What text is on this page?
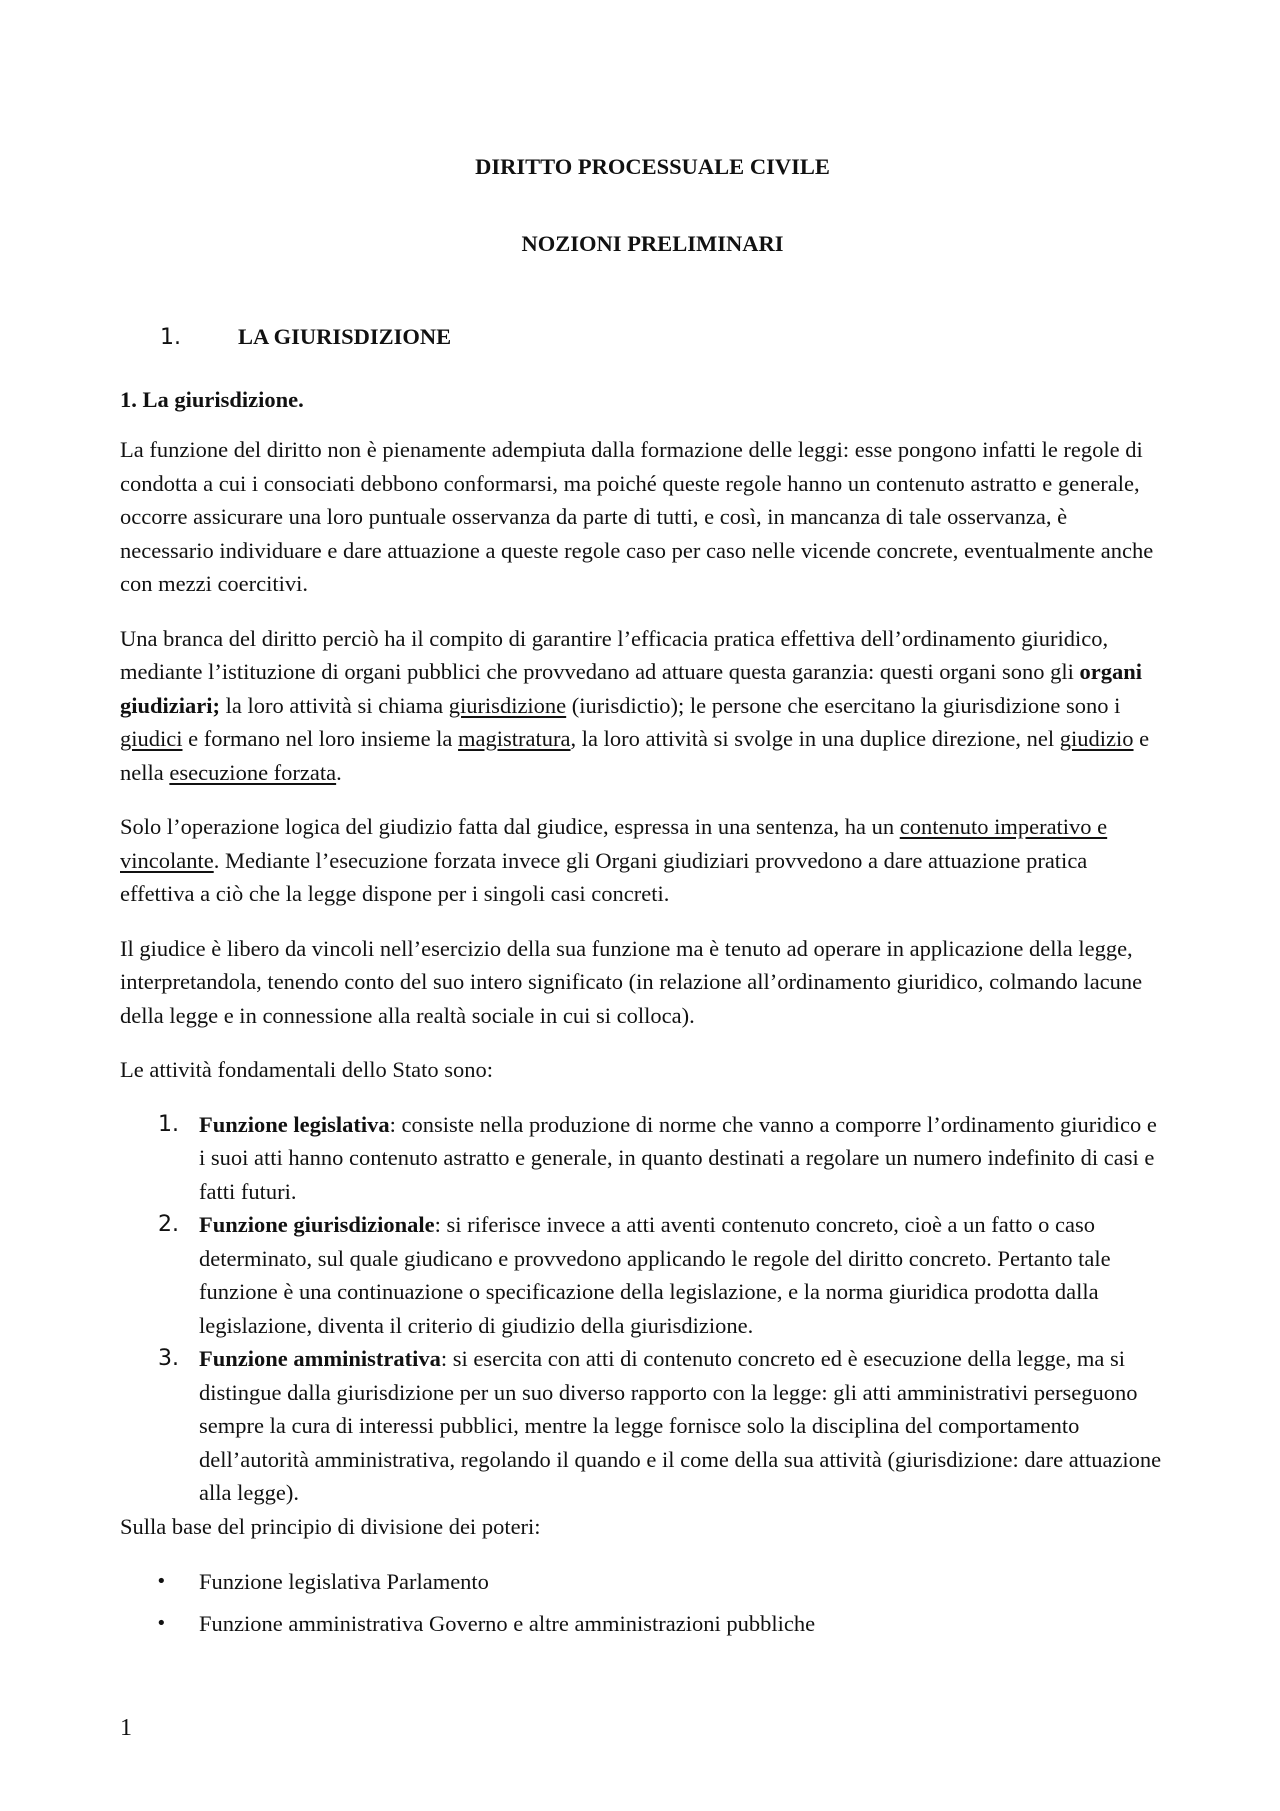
DIRITTO PROCESSUALE CIVILE
NOZIONI PRELIMINARI
1.	LA GIURISDIZIONE
1. La giurisdizione.

La funzione del diritto non è pienamente adempiuta dalla formazione delle leggi: esse pongono infatti le regole di condotta a cui i consociati debbono conformarsi, ma poiché queste regole hanno un contenuto astratto e generale, occorre assicurare una loro puntuale osservanza da parte di tutti, e così, in mancanza di tale osservanza, è necessario individuare e dare attuazione a queste regole caso per caso nelle vicende concrete, eventualmente anche con mezzi coercitivi.

Una branca del diritto perciò ha il compito di garantire l’efficacia pratica effettiva dell’ordinamento giuridico, mediante l’istituzione di organi pubblici che provvedano ad attuare questa garanzia: questi organi sono gli organi giudiziari; la loro attività si chiama giurisdizione (iurisdictio); le persone che esercitano la giurisdizione sono i giudici e formano nel loro insieme la magistratura, la loro attività si svolge in una duplice direzione, nel giudizio e nella esecuzione forzata.

Solo l’operazione logica del giudizio fatta dal giudice, espressa in una sentenza, ha un contenuto imperativo e vincolante. Mediante l’esecuzione forzata invece gli Organi giudiziari provvedono a dare attuazione pratica effettiva a ciò che la legge dispone per i singoli casi concreti.

Il giudice è libero da vincoli nell’esercizio della sua funzione ma è tenuto ad operare in applicazione della legge, interpretandola, tenendo conto del suo intero significato (in relazione all’ordinamento giuridico, colmando lacune della legge e in connessione alla realtà sociale in cui si colloca).

Le attività fondamentali dello Stato sono:

1. Funzione legislativa: consiste nella produzione di norme che vanno a comporre l’ordinamento giuridico e i suoi atti hanno contenuto astratto e generale, in quanto destinati a regolare un numero indefinito di casi e fatti futuri.
2. Funzione giurisdizionale: si riferisce invece a atti aventi contenuto concreto, cioè a un fatto o caso determinato, sul quale giudicano e provvedono applicando le regole del diritto concreto. Pertanto tale funzione è una continuazione o specificazione della legislazione, e la norma giuridica prodotta dalla legislazione, diventa il criterio di giudizio della giurisdizione.
3. Funzione amministrativa: si esercita con atti di contenuto concreto ed è esecuzione della legge, ma si distingue dalla giurisdizione per un suo diverso rapporto con la legge: gli atti amministrativi perseguono sempre la cura di interessi pubblici, mentre la legge fornisce solo la disciplina del comportamento dell’autorità amministrativa, regolando il quando e il come della sua attività (giurisdizione: dare attuazione alla legge).

Sulla base del principio di divisione dei poteri:

• Funzione legislativa Parlamento
• Funzione amministrativa Governo e altre amministrazioni pubbliche
1
